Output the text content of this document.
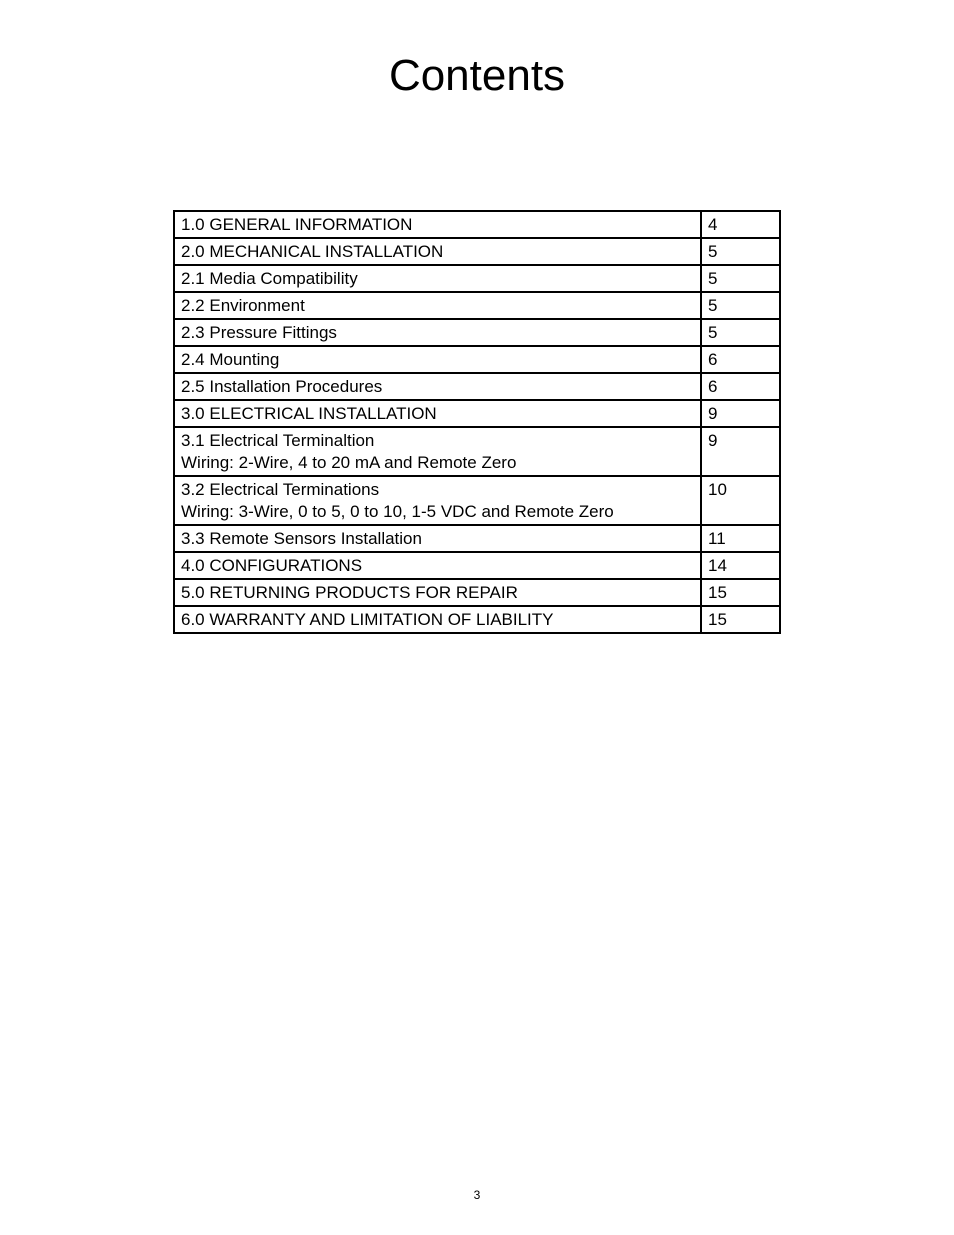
Contents
1.0 GENERAL INFORMATION	4

2.0 MECHANICAL INSTALLATION	5

2.1 Media Compatibility	5

2.2 Environment	5

2.3 Pressure Fittings	5

2.4 Mounting	6

2.5 Installation Procedures	6

3.0 ELECTRICAL INSTALLATION	9

3.1 Electrical Terminaltion
Wiring: 2-Wire, 4 to 20 mA and Remote Zero	9

3.2 Electrical Terminations
Wiring: 3-Wire, 0 to 5, 0 to 10, 1-5 VDC and Remote Zero	10

3.3 Remote Sensors Installation	11

4.0 CONFIGURATIONS	14

5.0 RETURNING PRODUCTS FOR REPAIR	15

6.0 WARRANTY AND LIMITATION OF LIABILITY	15
3
